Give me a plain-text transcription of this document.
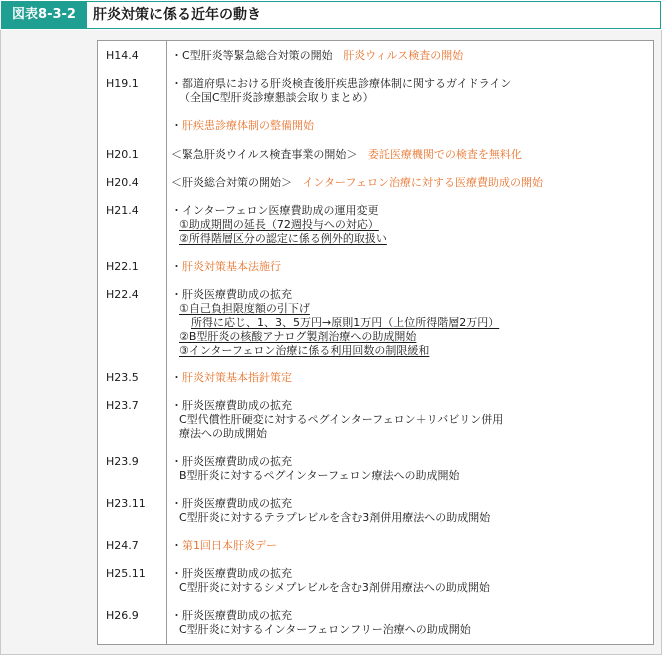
図表8-3-2	肝炎対策に係る近年の動き
H14.4	・C型肝炎等緊急総合対策の開始 肝炎ウィルス検査の開始
H19.1	・都道府県における肝炎検査後肝疾患診療体制に関するガイドライン
（全国C型肝炎診療懇談会取りまとめ）
・肝疾患診療体制の整備開始
H20.1	＜緊急肝炎ウイルス検査事業の開始＞ 委託医療機関での検査を無料化
H20.4	＜肝炎総合対策の開始＞ インターフェロン治療に対する医療費助成の開始
H21.4	・インターフェロン医療費助成の運用変更
①助成期間の延長（72週投与への対応）
②所得階層区分の認定に係る例外的取扱い
H22.1	・肝炎対策基本法施行
H22.4	・肝炎医療費助成の拡充
①自己負担限度額の引下げ
所得に応じ、1、3、5万円→原則1万円（上位所得階層2万円）
②B型肝炎の核酸アナログ製剤治療への助成開始
③インターフェロン治療に係る利用回数の制限緩和
H23.5	・肝炎対策基本指針策定
H23.7	・肝炎医療費助成の拡充
C型代償性肝硬変に対するペグインターフェロン＋リバビリン併用
療法への助成開始
H23.9	・肝炎医療費助成の拡充
B型肝炎に対するペグインターフェロン療法への助成開始
H23.11 ・肝炎医療費助成の拡充
C型肝炎に対するテラプレビルを含む3剤併用療法への助成開始
H24.7	・第1回日本肝炎デー
H25.11 ・肝炎医療費助成の拡充
C型肝炎に対するシメプレビルを含む3剤併用療法への助成開始
H26.9	・肝炎医療費助成の拡充
C型肝炎に対するインターフェロンフリー治療への助成開始
